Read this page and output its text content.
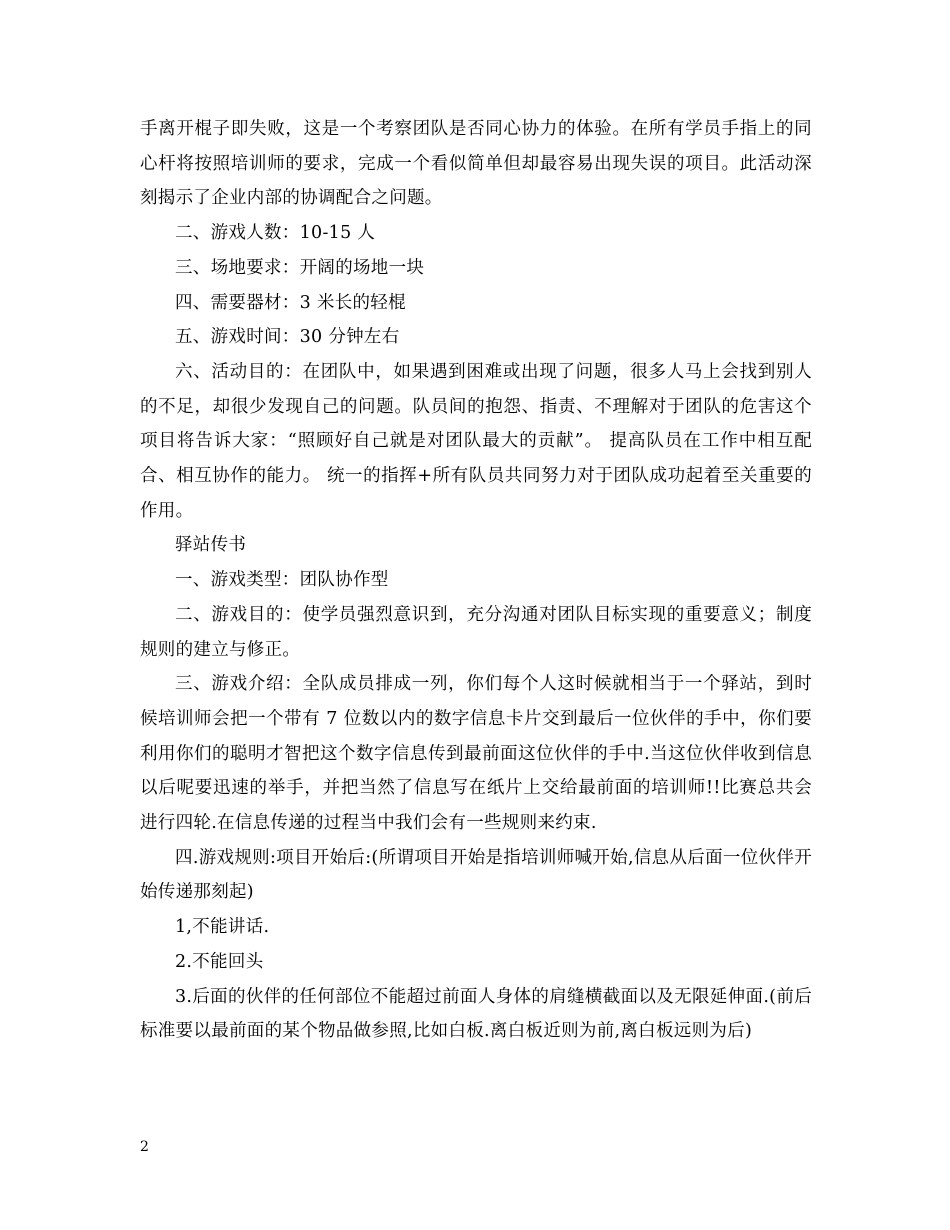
手离开棍子即失败，这是一个考察团队是否同心协力的体验。在所有学员手指上的同心杆将按照培训师的要求，完成一个看似简单但却最容易出现失误的项目。此活动深刻揭示了企业内部的协调配合之问题。

二、游戏人数：10-15 人

三、场地要求：开阔的场地一块

四、需要器材：3 米长的轻棍

五、游戏时间：30 分钟左右

六、活动目的：在团队中，如果遇到困难或出现了问题，很多人马上会找到别人的不足，却很少发现自己的问题。队员间的抱怨、指责、不理解对于团队的危害这个项目将告诉大家：“照顾好自己就是对团队最大的贡献”。 提高队员在工作中相互配合、相互协作的能力。 统一的指挥+所有队员共同努力对于团队成功起着至关重要的作用。

驿站传书

一、游戏类型：团队协作型

二、游戏目的：使学员强烈意识到，充分沟通对团队目标实现的重要意义；制度规则的建立与修正。

三、游戏介绍：全队成员排成一列，你们每个人这时候就相当于一个驿站，到时候培训师会把一个带有 7 位数以内的数字信息卡片交到最后一位伙伴的手中，你们要利用你们的聪明才智把这个数字信息传到最前面这位伙伴的手中.当这位伙伴收到信息以后呢要迅速的举手，并把当然了信息写在纸片上交给最前面的培训师!!比赛总共会进行四轮.在信息传递的过程当中我们会有一些规则来约束.

四.游戏规则:项目开始后:(所谓项目开始是指培训师喊开始,信息从后面一位伙伴开始传递那刻起)

1,不能讲话.

2.不能回头

3.后面的伙伴的任何部位不能超过前面人身体的肩缝横截面以及无限延伸面.(前后标准要以最前面的某个物品做参照,比如白板.离白板近则为前,离白板远则为后)

2
